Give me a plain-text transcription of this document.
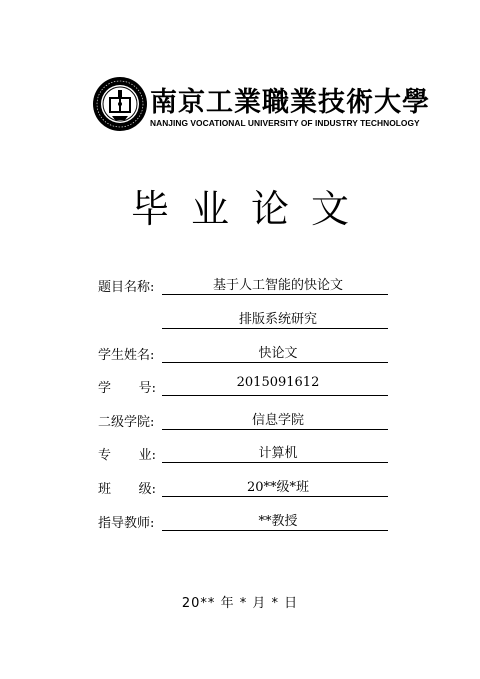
南京工業職業技術大學
NANJING VOCATIONAL UNIVERSITY OF INDUSTRY TECHNOLOGY
毕业论文
题目名称:	基于人工智能的快论文
排版系统研究
学生姓名:	快论文
学 号:	2015091612
二级学院:	信息学院
专 业:	计算机
班 级:	20**级*班
指导教师:	**教授
20** 年 * 月 * 日
